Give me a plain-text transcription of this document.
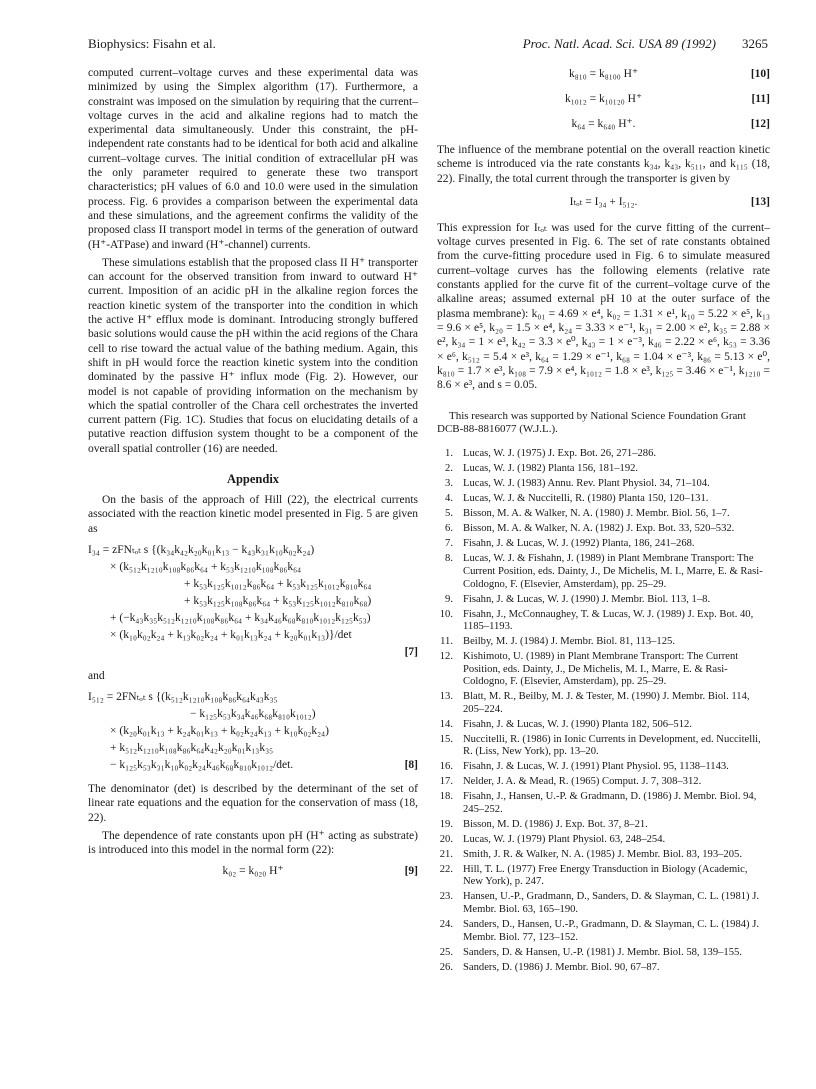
Biophysics: Fisahn et al.	Proc. Natl. Acad. Sci. USA 89 (1992) 3265

computed current–voltage curves and these experimental data was minimized by using the Simplex algorithm (17). Furthermore, a constraint was imposed on the simulation by requiring that the current–voltage curves in the acid and alkaline regions had to match the experimental data simultaneously. Under this constraint, the pH-independent rate constants had to be identical for both acid and alkaline current–voltage curves. The initial condition of extracellular pH was the only parameter required to generate these two transport characteristics; pH values of 6.0 and 10.0 were used in the simulation process. Fig. 6 provides a comparison between the experimental data and these simulations, and the agreement confirms the validity of the proposed class II transport model in terms of the generation of outward (H⁺-ATPase) and inward (H⁺-channel) currents.

These simulations establish that the proposed class II H⁺ transporter can account for the observed transition from inward to outward H⁺ current. Imposition of an acidic pH in the alkaline region forces the reaction kinetic system of the transporter into the condition in which the active H⁺ efflux mode is dominant. Introducing strongly buffered basic solutions would cause the pH within the acid regions of the Chara cell to rise toward the actual value of the bathing medium. Again, this shift in pH would force the reaction kinetic system into the condition dominated by the passive H⁺ influx mode (Fig. 2). However, our model is not capable of providing information on the mechanism by which the spatial controller of the Chara cell orchestrates the inverted current pattern (Fig. 1C). Studies that focus on elucidating details of a putative reaction diffusion system thought to be a component of the overall spatial controller (16) are needed.

Appendix

On the basis of the approach of Hill (22), the electrical currents associated with the reaction kinetic model presented in Fig. 5 are given as

I₃₄ = zFNₜₒₜ s {(k₃₄k₄₂k₂₀k₀₁k₁₃ − k₄₃k₃₁k₁₀k₀₂k₂₄)
× (k₅₁₂k₁₂₁₀k₁₀₈k₈₆k₆₄ + k₅₃k₁₂₁₀k₁₀₈k₈₆k₆₄
+ k₅₃k₁₂₅k₁₀₁₂k₈₆k₆₄ + k₅₃k₁₂₅k₁₀₁₂k₈₁₀k₆₄
+ k₅₃k₁₂₅k₁₀₈k₈₆k₆₄ + k₅₃k₁₂₅k₁₀₁₂k₈₁₀k₆₈)
+ (−k₄₃k₃₅k₅₁₂k₁₂₁₀k₁₀₈k₈₆k₆₄ + k₃₄k₄₆k₆₈k₈₁₀k₁₀₁₂k₁₂₅k₅₃)
× (k₁₀k₀₂k₂₄ + k₁₃k₀₂k₂₄ + k₀₁k₁₃k₂₄ + k₂₀k₀₁k₁₃)}/det
[7]
and
I₅₁₂ = 2FNₜₒₜ s {(k₅₁₂k₁₂₁₀k₁₀₈k₈₆k₆₄k₄₃k₃₅
− k₁₂₅k₅₃k₃₄k₄₆k₆₈k₈₁₀k₁₀₁₂)
× (k₂₀k₀₁k₁₃ + k₂₄k₀₁k₁₃ + k₀₂k₂₄k₁₃ + k₁₀k₀₂k₂₄)
+ k₅₁₂k₁₂₁₀k₁₀₈k₈₆k₆₄k₄₂k₂₀k₀₁k₁₃k₃₅
− k₁₂₅k₅₃k₃₁k₁₀k₀₂k₂₄k₄₆k₆₈k₈₁₀k₁₀₁₂/det.	[8]

The denominator (det) is described by the determinant of the set of linear rate equations and the equation for the conservation of mass (18, 22).

The dependence of rate constants upon pH (H⁺ acting as substrate) is introduced into this model in the normal form (22):

k₀₂ = k₀₂₀ H⁺	[9]
k₈₁₀ = k₈₁₀₀ H⁺	[10]
k₁₀₁₂ = k₁₀₁₂₀ H⁺	[11]
k₆₄ = k₆₄₀ H⁺.	[12]

The influence of the membrane potential on the overall reaction kinetic scheme is introduced via the rate constants k₃₄, k₄₃, k₅₁₁, and k₁₁₅ (18, 22). Finally, the total current through the transporter is given by

Iₜₒₜ = I₃₄ + I₅₁₂.	[13]

This expression for Iₜₒₜ was used for the curve fitting of the current–voltage curves presented in Fig. 6. The set of rate constants obtained from the curve-fitting procedure used in Fig. 6 to simulate measured current–voltage curves has the following elements (relative rate constants applied for the curve fit of the current–voltage curve of the alkaline areas; assumed external pH 10 at the outer surface of the plasma membrane): k₀₁ = 4.69 × e⁴, k₀₂ = 1.31 × e¹, k₁₀ = 5.22 × e⁵, k₁₃ = 9.6 × e⁵, k₂₀ = 1.5 × e⁴, k₂₄ = 3.33 × e⁻¹, k₃₁ = 2.00 × e², k₃₅ = 2.88 × e², k₃₄ = 1 × e³, k₄₂ = 3.3 × e⁰, k₄₃ = 1 × e⁻³, k₄₆ = 2.22 × e⁶, k₅₃ = 3.36 × e⁶, k₅₁₂ = 5.4 × e³, k₆₄ = 1.29 × e⁻¹, k₆₈ = 1.04 × e⁻³, k₈₆ = 5.13 × e⁰, k₈₁₀ = 1.7 × e³, k₁₀₈ = 7.9 × e⁴, k₁₀₁₂ = 1.8 × e³, k₁₂₅ = 3.46 × e⁻¹, k₁₂₁₀ = 8.6 × e³, and s = 0.05.

This research was supported by National Science Foundation Grant DCB-88-8816077 (W.J.L.).

1. Lucas, W. J. (1975) J. Exp. Bot. 26, 271–286.
2. Lucas, W. J. (1982) Planta 156, 181–192.
3. Lucas, W. J. (1983) Annu. Rev. Plant Physiol. 34, 71–104.
4. Lucas, W. J. & Nuccitelli, R. (1980) Planta 150, 120–131.
5. Bisson, M. A. & Walker, N. A. (1980) J. Membr. Biol. 56, 1–7.
6. Bisson, M. A. & Walker, N. A. (1982) J. Exp. Bot. 33, 520–532.
7. Fisahn, J. & Lucas, W. J. (1992) Planta, 186, 241–268.
8. Lucas, W. J. & Fishahn, J. (1989) in Plant Membrane Transport: The Current Position, eds. Dainty, J., De Michelis, M. I., Marre, E. & Rasi-Coldogno, F. (Elsevier, Amsterdam), pp. 25–29.
9. Fisahn, J. & Lucas, W. J. (1990) J. Membr. Biol. 113, 1–8.
10. Fisahn, J., McConnaughey, T. & Lucas, W. J. (1989) J. Exp. Bot. 40, 1185–1193.
11. Beilby, M. J. (1984) J. Membr. Biol. 81, 113–125.
12. Kishimoto, U. (1989) in Plant Membrane Transport: The Current Position, eds. Dainty, J., De Michelis, M. I., Marre, E. & Rasi-Coldogno, F. (Elsevier, Amsterdam), pp. 25–29.
13. Blatt, M. R., Beilby, M. J. & Tester, M. (1990) J. Membr. Biol. 114, 205–224.
14. Fisahn, J. & Lucas, W. J. (1990) Planta 182, 506–512.
15. Nuccitelli, R. (1986) in Ionic Currents in Development, ed. Nuccitelli, R. (Liss, New York), pp. 13–20.
16. Fisahn, J. & Lucas, W. J. (1991) Plant Physiol. 95, 1138–1143.
17. Nelder, J. A. & Mead, R. (1965) Comput. J. 7, 308–312.
18. Fisahn, J., Hansen, U.-P. & Gradmann, D. (1986) J. Membr. Biol. 94, 245–252.
19. Bisson, M. D. (1986) J. Exp. Bot. 37, 8–21.
20. Lucas, W. J. (1979) Plant Physiol. 63, 248–254.
21. Smith, J. R. & Walker, N. A. (1985) J. Membr. Biol. 83, 193–205.
22. Hill, T. L. (1977) Free Energy Transduction in Biology (Academic, New York), p. 247.
23. Hansen, U.-P., Gradmann, D., Sanders, D. & Slayman, C. L. (1981) J. Membr. Biol. 63, 165–190.
24. Sanders, D., Hansen, U.-P., Gradmann, D. & Slayman, C. L. (1984) J. Membr. Biol. 77, 123–152.
25. Sanders, D. & Hansen, U.-P. (1981) J. Membr. Biol. 58, 139–155.
26. Sanders, D. (1986) J. Membr. Biol. 90, 67–87.
